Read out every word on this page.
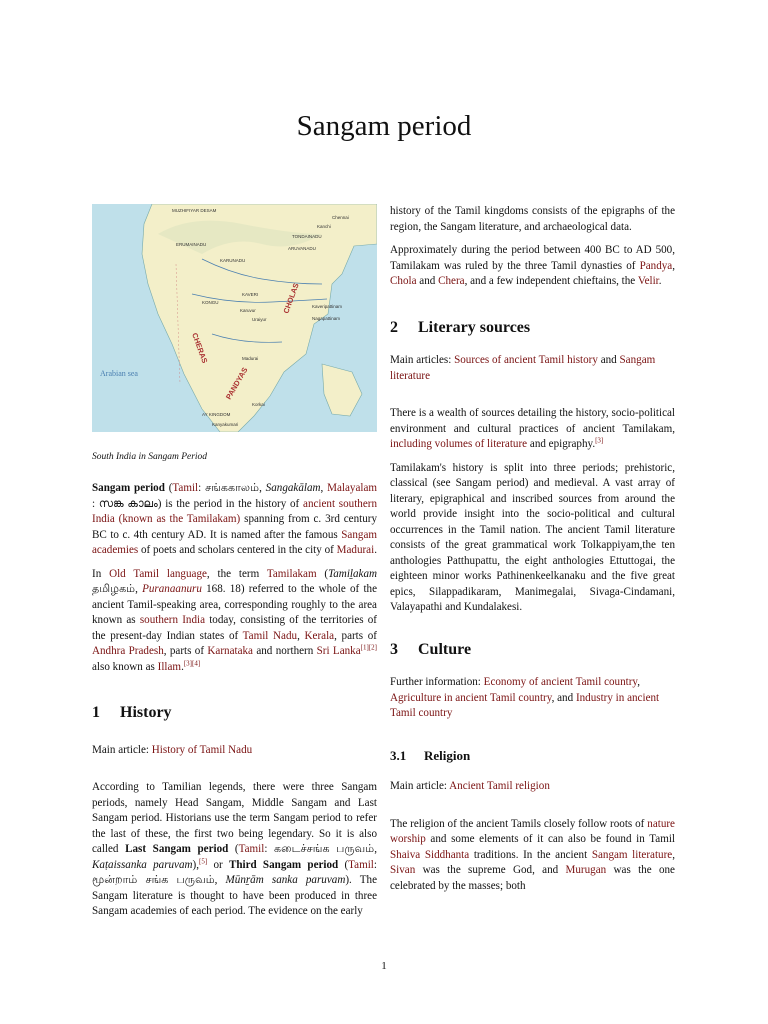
Sangam period
MUZHIFIYAR DESAM
Chennai
Kanchi
ERUMAINADU
TONDAINADU
ARUVANADU
KARUNADU
KONGU
KAVERI
Karuvur
Uraiyur
Madurai
CHOLAS
CHERAS
PANDYAS
Arabian sea
AY KINGDOM
Korkai
Kanyakumari
Kaveripattinam
Nagapattinam
South India in Sangam Period

Sangam period (Tamil: சங்ககாலம், Sangakālam, Malayalam : സങ്ക കാലം) is the period in the history of ancient southern India (known as the Tamilakam) spanning from c. 3rd century BC to c. 4th century AD. It is named after the famous Sangam academies of poets and scholars centered in the city of Madurai.

In Old Tamil language, the term Tamilakam (Tamiḻakam தமிழகம், Puranaanuru 168. 18) referred to the whole of the ancient Tamil-speaking area, corresponding roughly to the area known as southern India today, consisting of the territories of the present-day Indian states of Tamil Nadu, Kerala, parts of Andhra Pradesh, parts of Karnataka and northern Sri Lanka[1][2] also known as Illam.[3][4]

1 History

Main article: History of Tamil Nadu

According to Tamilian legends, there were three Sangam periods, namely Head Sangam, Middle Sangam and Last Sangam period. Historians use the term Sangam period to refer the last of these, the first two being legendary. So it is also called Last Sangam period (Tamil: கடைச்சங்க பருவம், Kaṭaissanka paruvam),[5] or Third Sangam period (Tamil: மூன்றாம் சங்க பருவம், Mūnṟām sanka paruvam). The Sangam literature is thought to have been produced in three Sangam academies of each period. The evidence on the early

history of the Tamil kingdoms consists of the epigraphs of the region, the Sangam literature, and archaeological data.

Approximately during the period between 400 BC to AD 500, Tamilakam was ruled by the three Tamil dynasties of Pandya, Chola and Chera, and a few independent chieftains, the Velir.

2 Literary sources

Main articles: Sources of ancient Tamil history and Sangam literature

There is a wealth of sources detailing the history, socio-political environment and cultural practices of ancient Tamilakam, including volumes of literature and epigraphy.[3]

Tamilakam's history is split into three periods; prehistoric, classical (see Sangam period) and medieval. A vast array of literary, epigraphical and inscribed sources from around the world provide insight into the socio-political and cultural occurrences in the Tamil nation. The ancient Tamil literature consists of the great grammatical work Tolkappiyam,the ten anthologies Patthupattu, the eight anthologies Ettuttogai, the eighteen minor works Pathinenkeelkanaku and the five great epics, Silappadikaram, Manimegalai, Sivaga-Cindamani, Valayapathi and Kundalakesi.

3 Culture

Further information: Economy of ancient Tamil country, Agriculture in ancient Tamil country, and Industry in ancient Tamil country

3.1 Religion

Main article: Ancient Tamil religion

The religion of the ancient Tamils closely follow roots of nature worship and some elements of it can also be found in Tamil Shaiva Siddhanta traditions. In the ancient Sangam literature, Sivan was the supreme God, and Murugan was the one celebrated by the masses; both

1
